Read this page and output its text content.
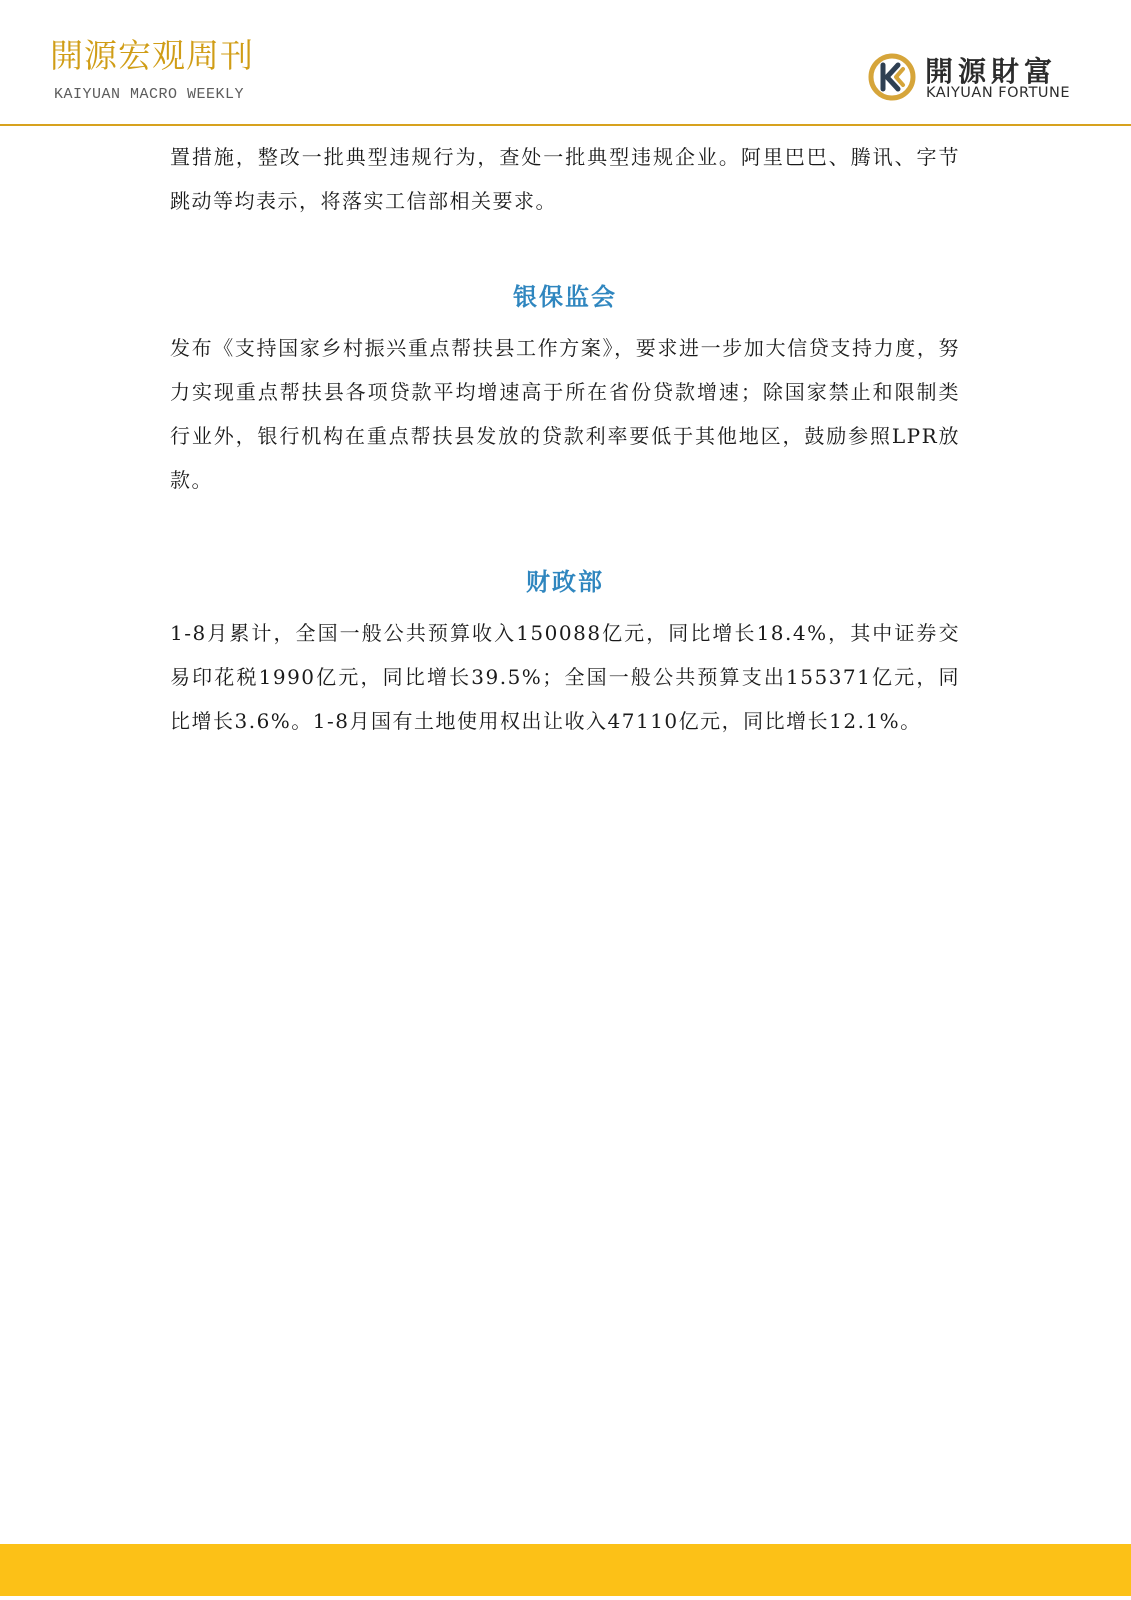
開源宏观周刊
KAIYUAN MACRO WEEKLY
開源財富
KAIYUAN FORTUNE

置措施，整改一批典型违规行为，查处一批典型违规企业。阿里巴巴、腾讯、字节跳动等均表示，将落实工信部相关要求。

银保监会

发布《支持国家乡村振兴重点帮扶县工作方案》，要求进一步加大信贷支持力度，努力实现重点帮扶县各项贷款平均增速高于所在省份贷款增速；除国家禁止和限制类行业外，银行机构在重点帮扶县发放的贷款利率要低于其他地区，鼓励参照LPR放款。

财政部

1-8月累计，全国一般公共预算收入150088亿元，同比增长18.4%，其中证券交易印花税1990亿元，同比增长39.5%；全国一般公共预算支出155371亿元，同比增长3.6%。1-8月国有土地使用权出让收入47110亿元，同比增长12.1%。
